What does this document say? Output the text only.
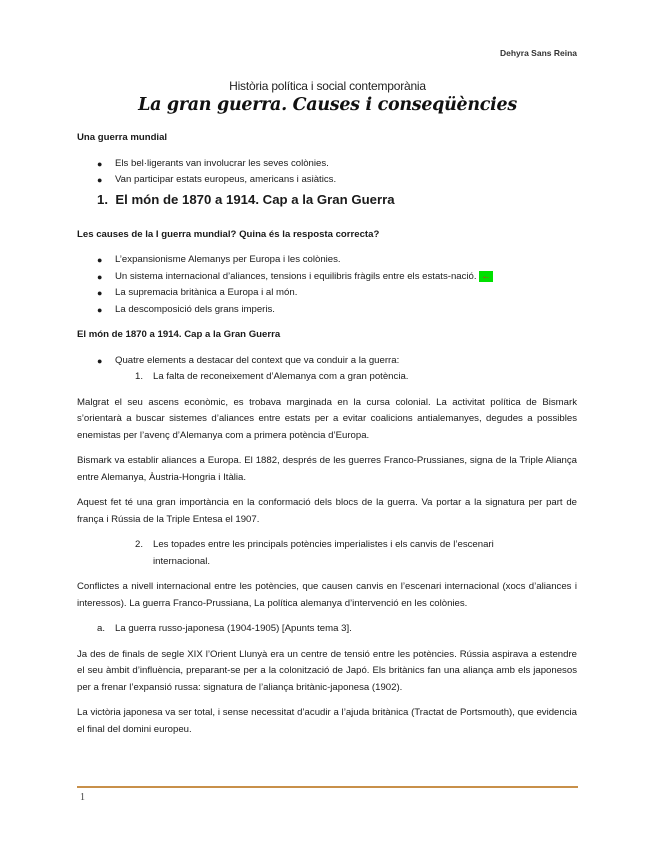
Dehyra Sans Reina
Història política i social contemporània
La gran guerra. Causes i conseqüències

Una guerra mundial

● Els bel·ligerants van involucrar les seves colònies.
● Van participar estats europeus, americans i asiàtics.

1. El món de 1870 a 1914. Cap a la Gran Guerra

Les causes de la I guerra mundial? Quina és la resposta correcta?

● L’expansionisme Alemanys per Europa i les colònies.
● Un sistema internacional d’aliances, tensions i equilibris fràgils entre els estats-nació. ←
● La supremacia britànica a Europa i al món.
● La descomposició dels grans imperis.

El món de 1870 a 1914. Cap a la Gran Guerra

● Quatre elements a destacar del context que va conduir a la guerra:
1.	La falta de reconeixement d’Alemanya com a gran potència.

Malgrat el seu ascens econòmic, es trobava marginada en la cursa colonial. La activitat política de Bismark s’orientarà a buscar sistemes d’aliances entre estats per a evitar coalicions antialemanyes, degudes a possibles enemistas per l’avenç d’Alemanya com a primera potència d’Europa.

Bismark va establir aliances a Europa. El 1882, després de les guerres Franco-Prussianes, signa de la Triple Aliança entre Alemanya, Àustria-Hongria i Itàlia.

Aquest fet té una gran importància en la conformació dels blocs de la guerra. Va portar a la signatura per part de frança i Rússia de la Triple Entesa el 1907.

2.	Les topades entre les principals potències imperialistes i els canvis de l’escenari internacional.

Conflictes a nivell internacional entre les potències, que causen canvis en l’escenari internacional (xocs d’aliances i interessos). La guerra Franco-Prussiana, La política alemanya d’intervenció en les colònies.

a.	La guerra russo-japonesa (1904-1905) [Apunts tema 3].

Ja des de finals de segle XIX l’Orient Llunyà era un centre de tensió entre les potències. Rússia aspirava a estendre el seu àmbit d’influència, preparant-se per a la colonització de Japó. Els britànics fan una aliança amb els japonesos per a frenar l’expansió russa: signatura de l’aliança britànic-japonesa (1902).

La victòria japonesa va ser total, i sense necessitat d’acudir a l’ajuda britànica (Tractat de Portsmouth), que evidencia el final del domini europeu.

1
